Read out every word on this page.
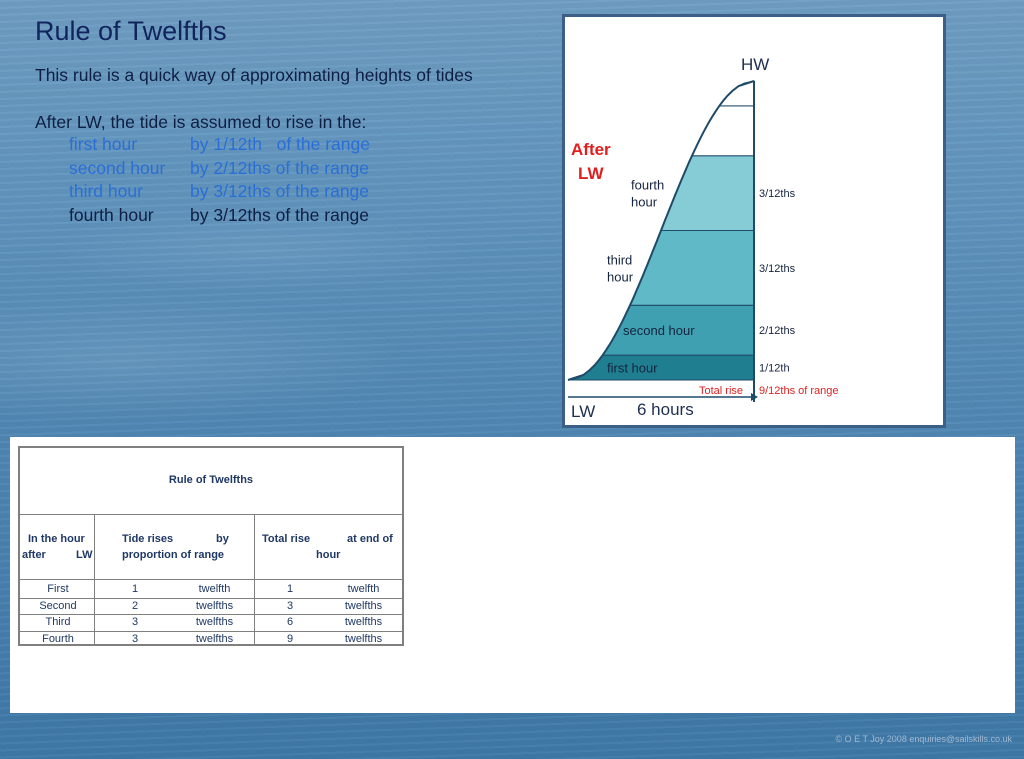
Rule of Twelfths
This rule is a quick way of approximating heights of tides
After LW, the tide is assumed to rise in the:
first hour	by 1/12th   of the range
second hour by 2/12ths of the range
third hour	by 3/12ths of the range
fourth hour by 3/12ths of the range
HW
LW 6 hours
After
LW
Total rise 9/12ths of range
first hour	1/12th
second hour	2/12ths
third
hour
3/12ths
fourth
hour
3/12ths
Rule of Twelfths
In the hour
after	LW
Tide rises	by
proportion of range
Total rise	at end of
hour
First	1	twelfth	1	twelfth
Second	2	twelfths	3	twelfths
Third	3	twelfths	6	twelfths
Fourth	3	twelfths	9	twelfths
© O E T Joy 2008 enquiries@sailskills.co.uk
